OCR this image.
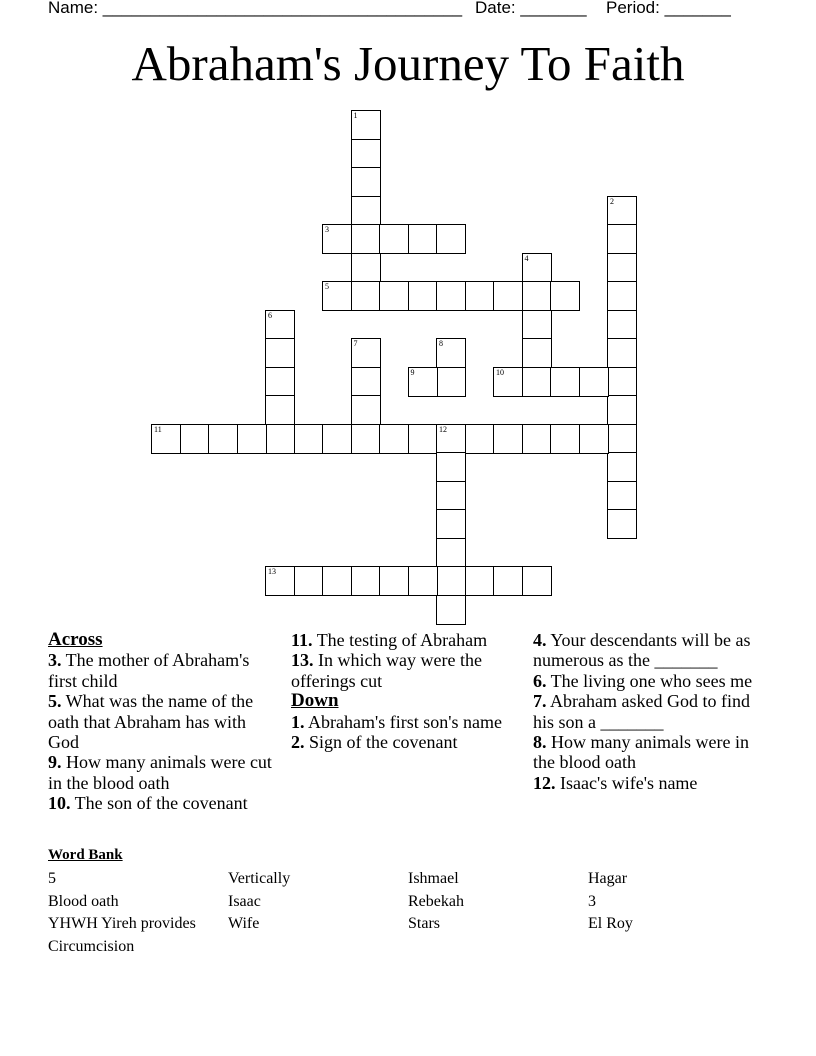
Name: ______________________________________ Date: _______ Period: _______
Abraham's Journey To Faith
1
2
3
4
5
6
7	8
9	10
11	12
13
Across
3. The mother of Abraham's first child
5. What was the name of the oath that Abraham has with God
9. How many animals were cut in the blood oath
10. The son of the covenant
11. The testing of Abraham
13. In which way were the offerings cut
Down
1. Abraham's first son's name
2. Sign of the covenant
4. Your descendants will be as numerous as the _______
6. The living one who sees me
7. Abraham asked God to find his son a _______
8. How many animals were in the blood oath
12. Isaac's wife's name
Word Bank
5	Vertically	Ishmael	Hagar
Blood oath	Isaac	Rebekah	3
YHWH Yireh provides	Wife	Stars	El Roy
Circumcision
